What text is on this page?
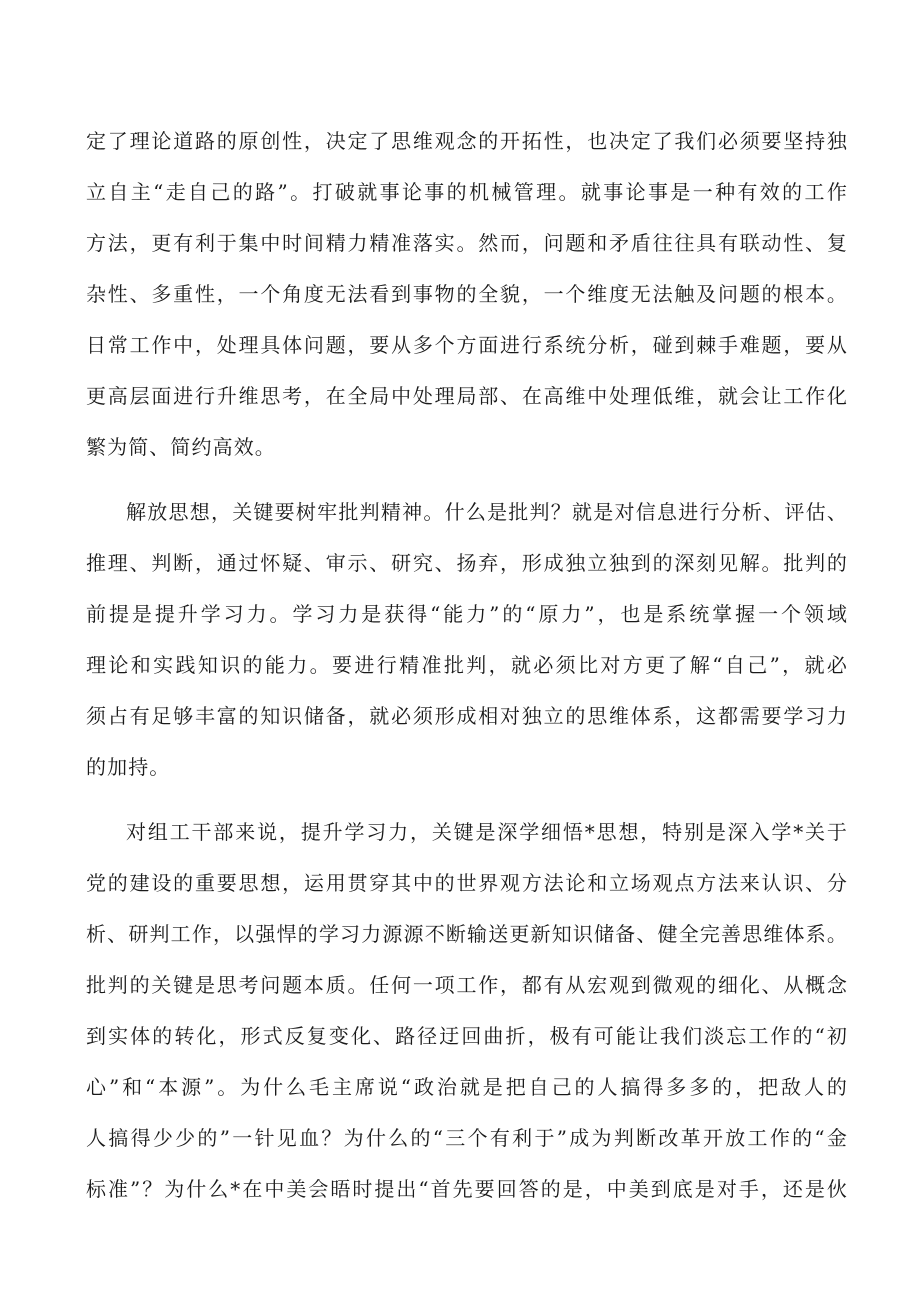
定了理论道路的原创性，决定了思维观念的开拓性，也决定了我们必须要坚持独
立自主“走自己的路”。打破就事论事的机械管理。就事论事是一种有效的工作
方法，更有利于集中时间精力精准落实。然而，问题和矛盾往往具有联动性、复
杂性、多重性，一个角度无法看到事物的全貌，一个维度无法触及问题的根本。
日常工作中，处理具体问题，要从多个方面进行系统分析，碰到棘手难题，要从
更高层面进行升维思考，在全局中处理局部、在高维中处理低维，就会让工作化
繁为简、简约高效。
解放思想，关键要树牢批判精神。什么是批判？就是对信息进行分析、评估、
推理、判断，通过怀疑、审示、研究、扬弃，形成独立独到的深刻见解。批判的
前提是提升学习力。学习力是获得“能力”的“原力”，也是系统掌握一个领域
理论和实践知识的能力。要进行精准批判，就必须比对方更了解“自己”，就必
须占有足够丰富的知识储备，就必须形成相对独立的思维体系，这都需要学习力
的加持。
对组工干部来说，提升学习力，关键是深学细悟*思想，特别是深入学*关于
党的建设的重要思想，运用贯穿其中的世界观方法论和立场观点方法来认识、分
析、研判工作，以强悍的学习力源源不断输送更新知识储备、健全完善思维体系。
批判的关键是思考问题本质。任何一项工作，都有从宏观到微观的细化、从概念
到实体的转化，形式反复变化、路径迂回曲折，极有可能让我们淡忘工作的“初
心”和“本源”。为什么毛主席说“政治就是把自己的人搞得多多的，把敌人的
人搞得少少的”一针见血？为什么的“三个有利于”成为判断改革开放工作的“金
标准”？为什么*在中美会晤时提出“首先要回答的是，中美到底是对手，还是伙
